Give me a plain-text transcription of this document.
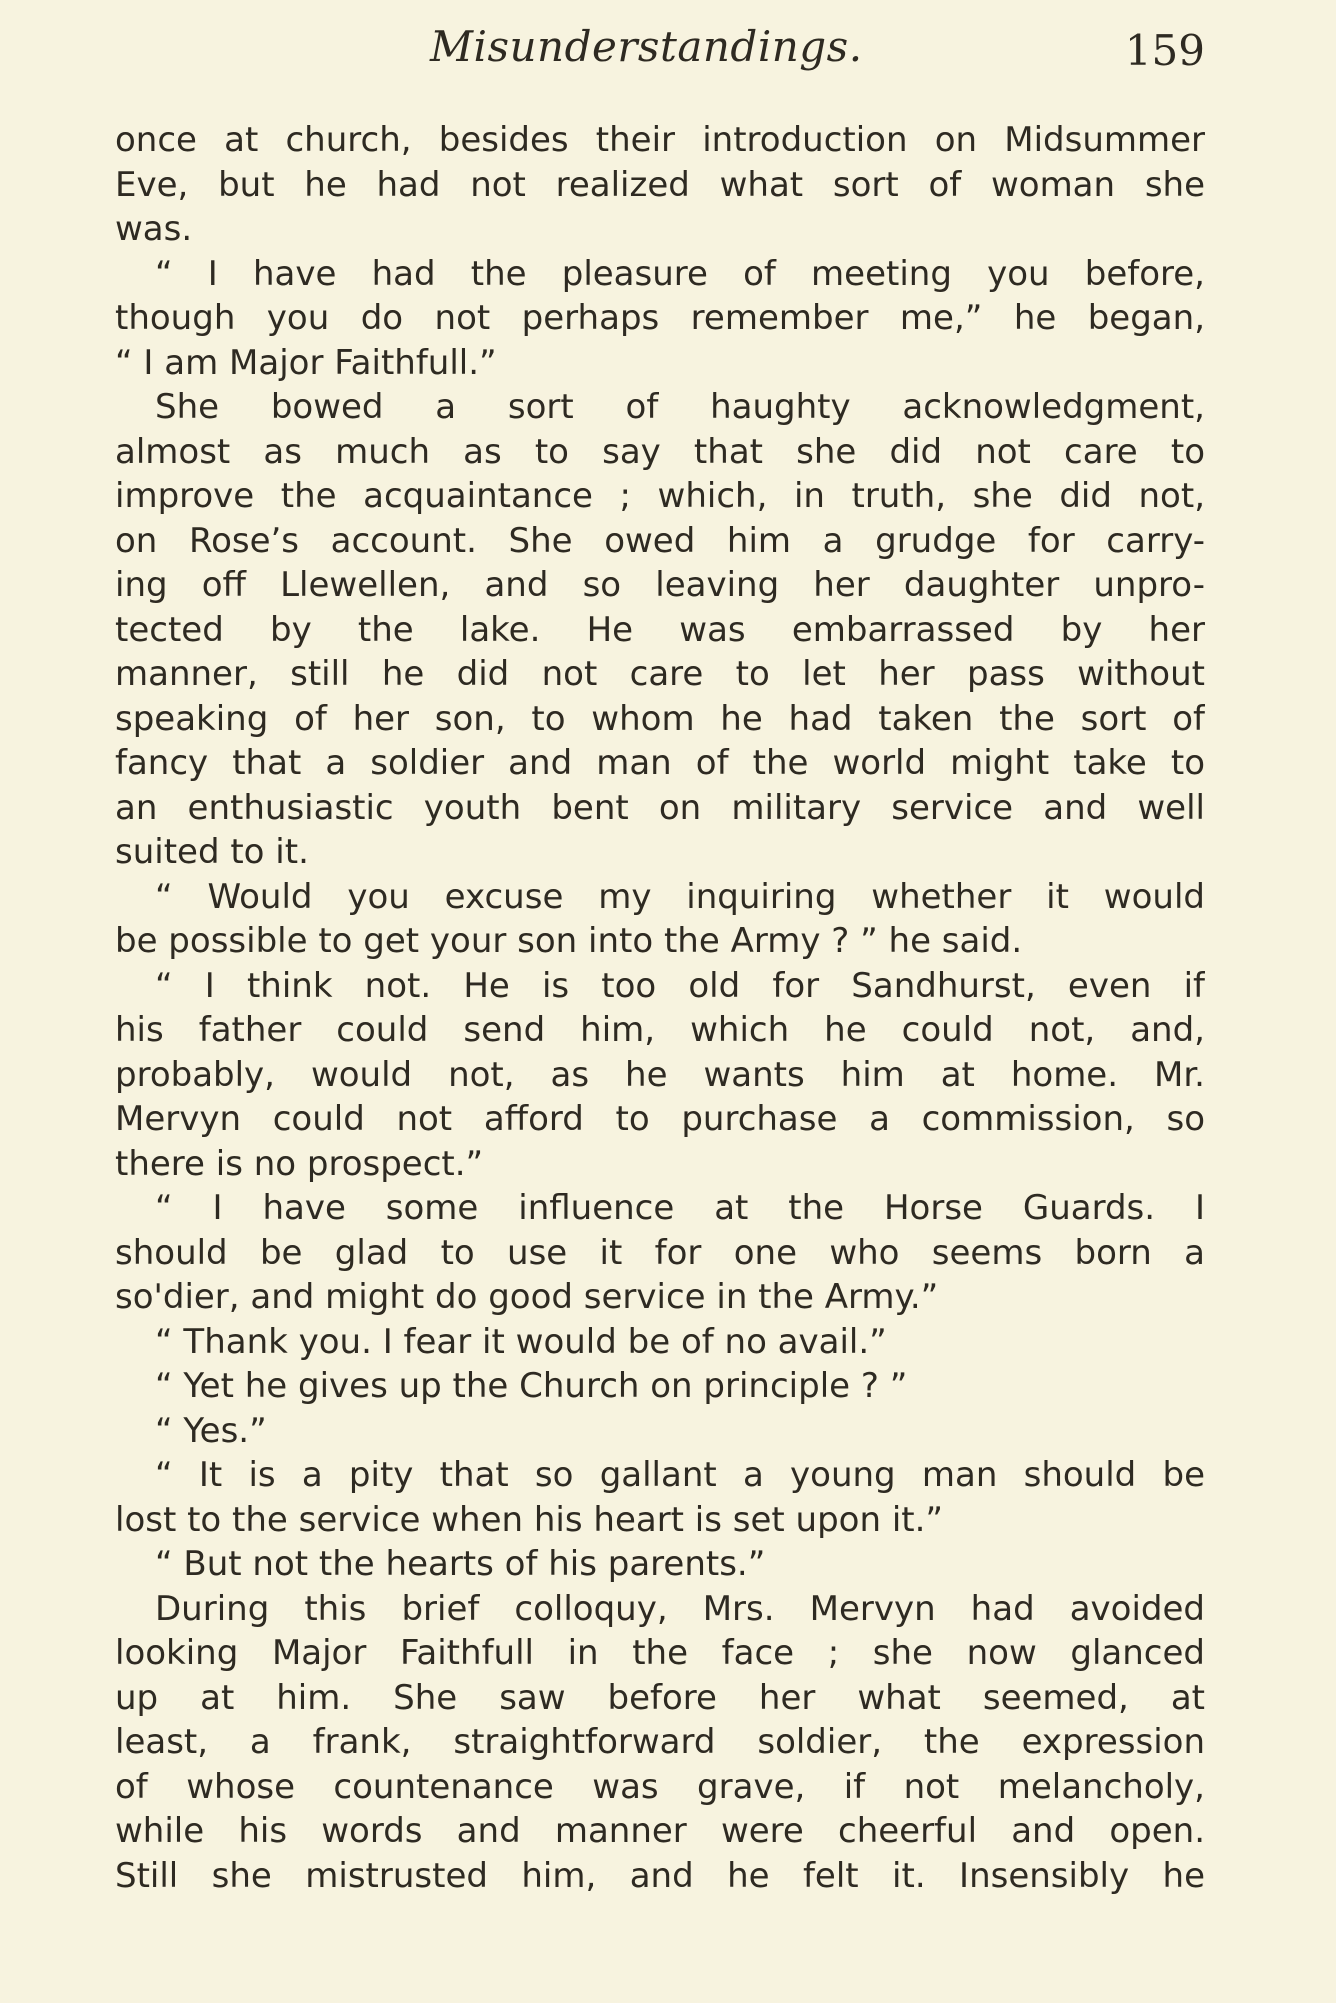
Misunderstandings.	159
once at church, besides their introduction on Midsummer
Eve, but he had not realized what sort of woman she
was.
“ I have had the pleasure of meeting you before,
though you do not perhaps remember me,” he began,
“ I am Major Faithfull.”
She bowed a sort of haughty acknowledgment,
almost as much as to say that she did not care to
improve the acquaintance ; which, in truth, she did not,
on Rose’s account. She owed him a grudge for carry-
ing off Llewellen, and so leaving her daughter unpro-
tected by the lake. He was embarrassed by her
manner, still he did not care to let her pass without
speaking of her son, to whom he had taken the sort of
fancy that a soldier and man of the world might take to
an enthusiastic youth bent on military service and well
suited to it.
“ Would you excuse my inquiring whether it would
be possible to get your son into the Army ? ” he said.
“ I think not. He is too old for Sandhurst, even if
his father could send him, which he could not, and,
probably, would not, as he wants him at home. Mr.
Mervyn could not afford to purchase a commission, so
there is no prospect.”
“ I have some influence at the Horse Guards. I
should be glad to use it for one who seems born a
so'dier, and might do good service in the Army.”
“ Thank you. I fear it would be of no avail.”
“ Yet he gives up the Church on principle ? ”
“ Yes.”
“ It is a pity that so gallant a young man should be
lost to the service when his heart is set upon it.”
“ But not the hearts of his parents.”
During this brief colloquy, Mrs. Mervyn had avoided
looking Major Faithfull in the face ; she now glanced
up at him. She saw before her what seemed, at
least, a frank, straightforward soldier, the expression
of whose countenance was grave, if not melancholy,
while his words and manner were cheerful and open.
Still she mistrusted him, and he felt it. Insensibly he
